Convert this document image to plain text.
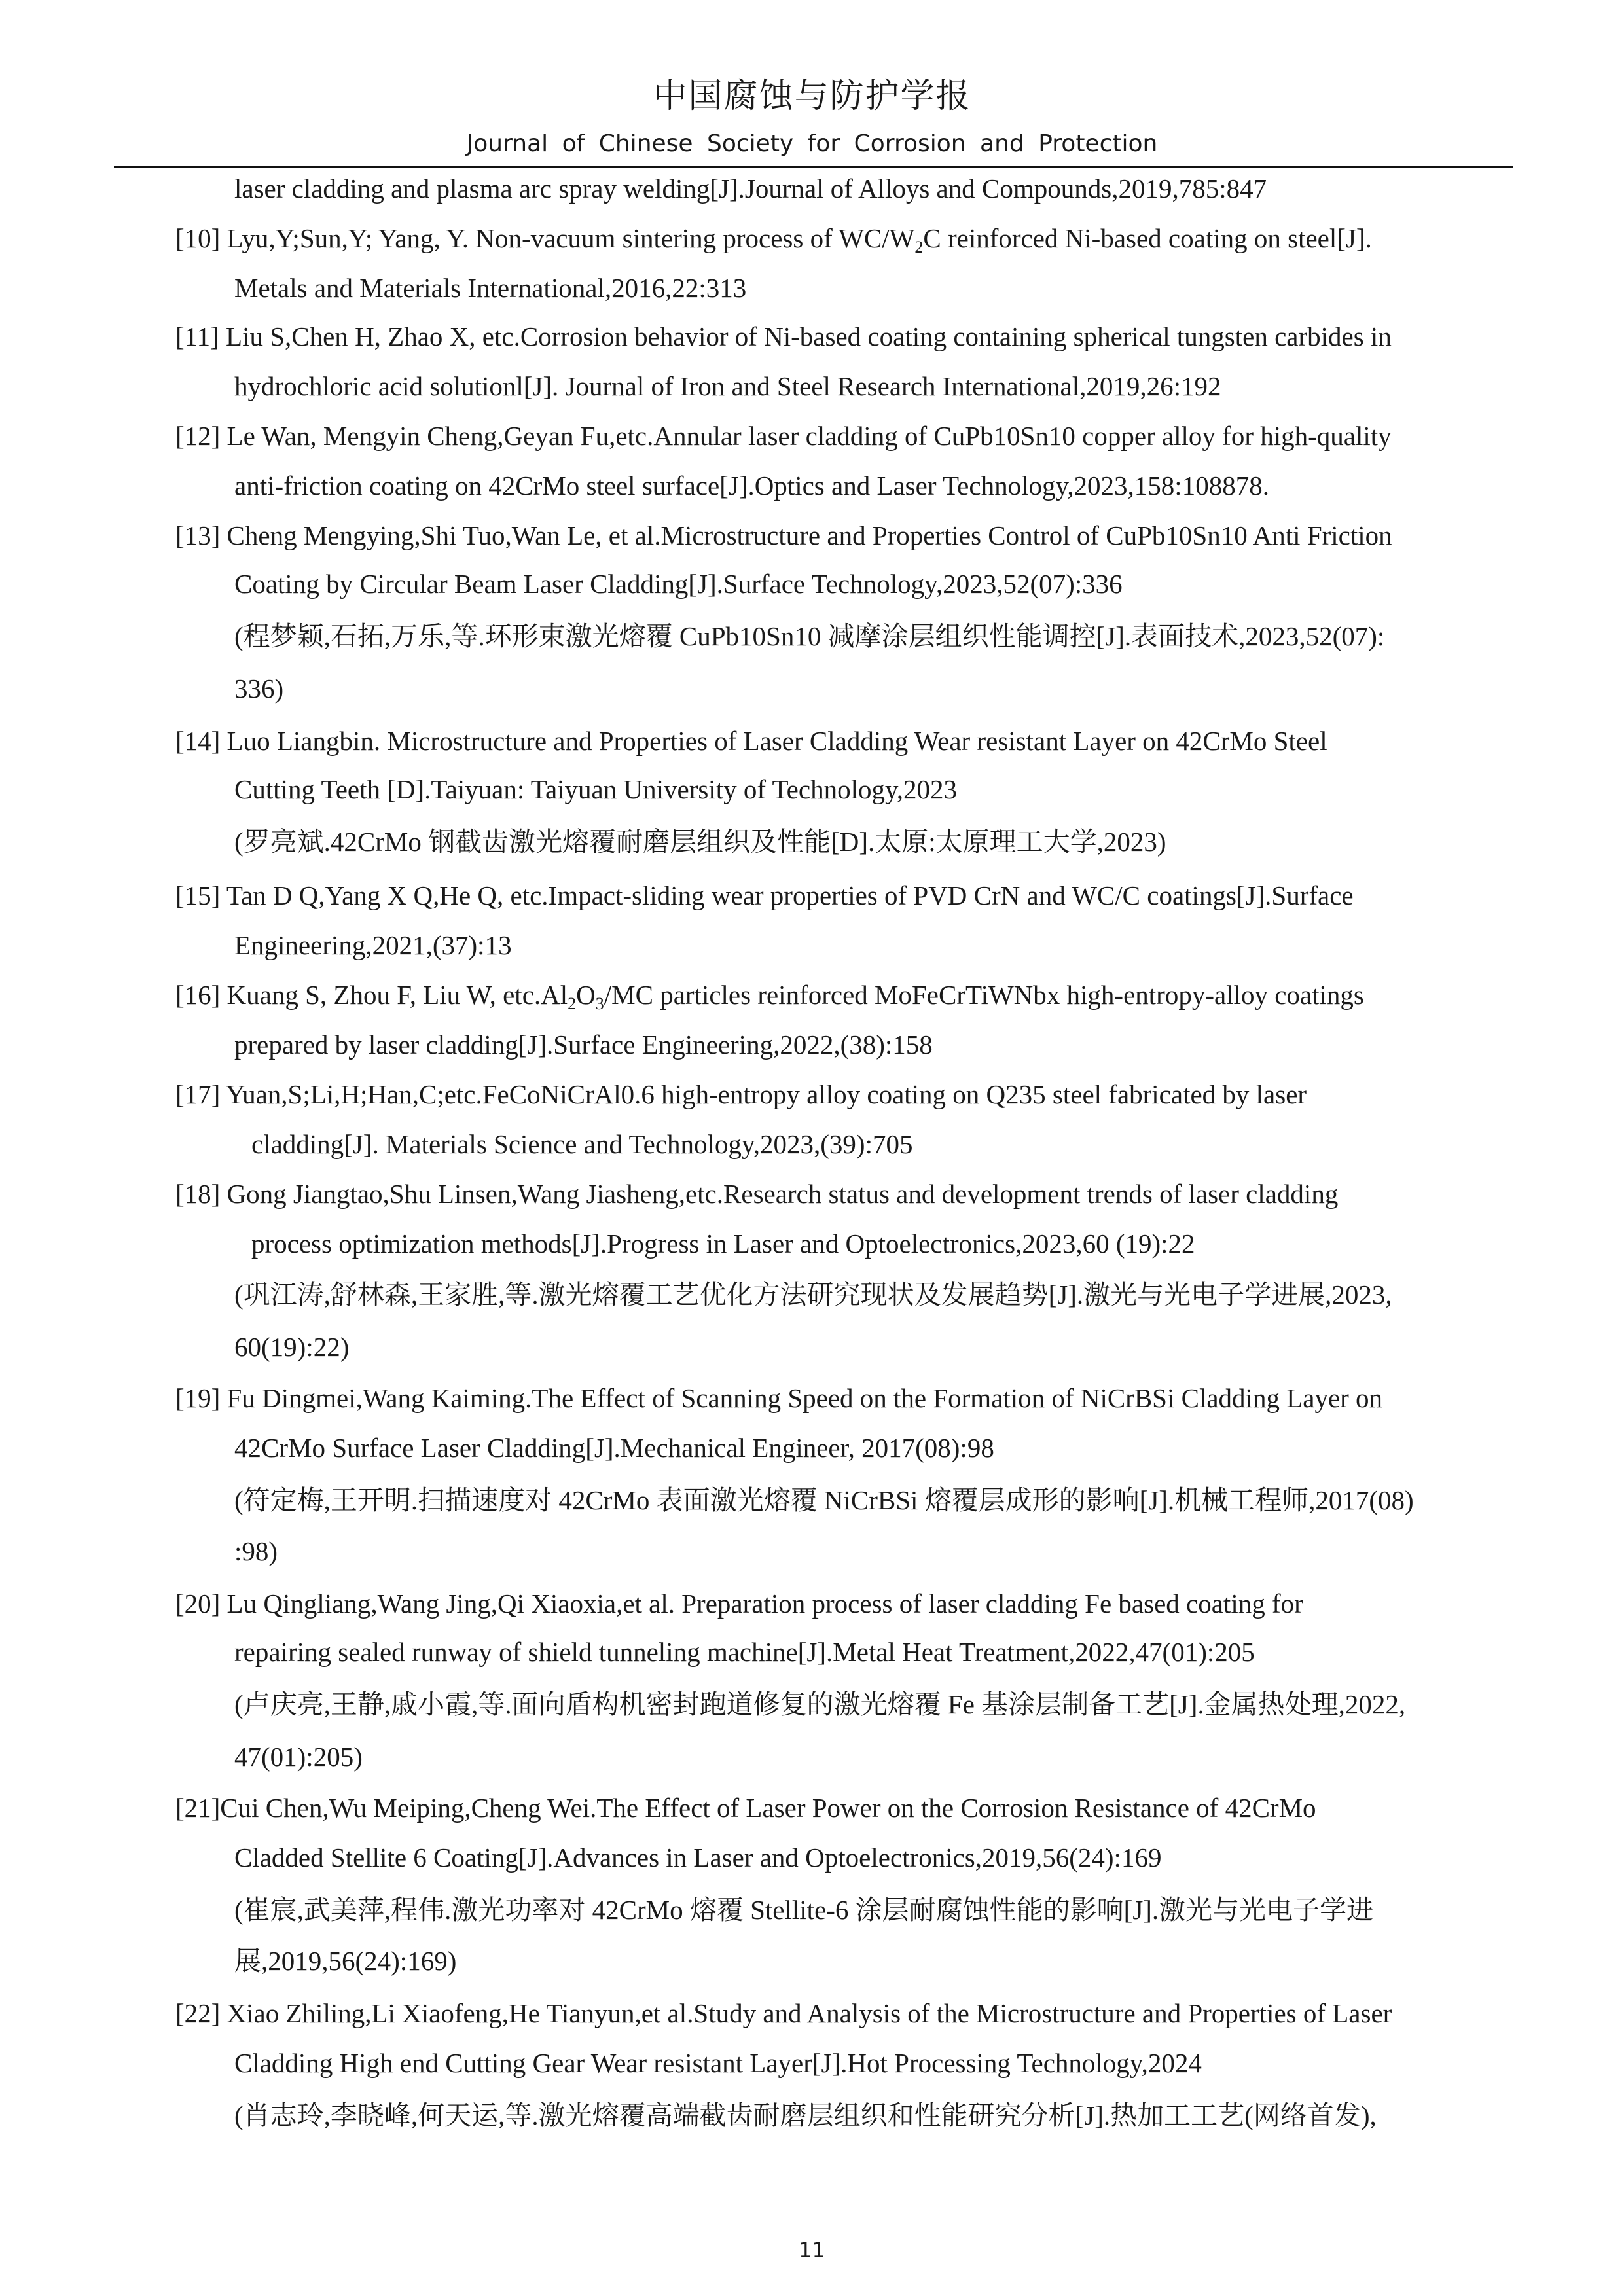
中国腐蚀与防护学报
Journal of Chinese Society for Corrosion and Protection
laser cladding and plasma arc spray welding[J].Journal of Alloys and Compounds,2019,785:847
[10] Lyu,Y;Sun,Y; Yang, Y. Non-vacuum sintering process of $WC/W_2C$ reinforced Ni-based coating on steel[J].
Metals and Materials International,2016,22:313
[11] Liu S,Chen H, Zhao X, etc.Corrosion behavior of Ni-based coating containing spherical tungsten carbides in
hydrochloric acid solutionl[J]. Journal of Iron and Steel Research International,2019,26:192
[12] Le Wan, Mengyin Cheng,Geyan Fu,etc.Annular laser cladding of CuPb10Sn10 copper alloy for high-quality
anti-friction coating on 42CrMo steel surface[J].Optics and Laser Technology,2023,158:108878.
[13] Cheng Mengying,Shi Tuo,Wan Le, et al.Microstructure and Properties Control of CuPb10Sn10 Anti Friction
Coating by Circular Beam Laser Cladding[J].Surface Technology,2023,52(07):336
(程梦颖,石拓,万乐,等.环形束激光熔覆 CuPb10Sn10 减摩涂层组织性能调控[J].表面技术,2023,52(07):
336)
[14] Luo Liangbin. Microstructure and Properties of Laser Cladding Wear resistant Layer on 42CrMo Steel
Cutting Teeth [D].Taiyuan: Taiyuan University of Technology,2023
(罗亮斌.42CrMo 钢截齿激光熔覆耐磨层组织及性能[D].太原:太原理工大学,2023)
[15] Tan D Q,Yang X Q,He Q, etc.Impact-sliding wear properties of PVD CrN and WC/C coatings[J].Surface
Engineering,2021,(37):13
[16] Kuang S, Zhou F, Liu W, $etc.Al_2O_3/MC$ particles reinforced MoFeCrTiWNbx high-entropy-alloy coatings
prepared by laser cladding[J].Surface Engineering,2022,(38):158
[17] Yuan,S;Li,H;Han,C;etc.FeCoNiCrAl0.6 high-entropy alloy coating on Q235 steel fabricated by laser
cladding[J]. Materials Science and Technology,2023,(39):705
[18] Gong Jiangtao,Shu Linsen,Wang Jiasheng,etc.Research status and development trends of laser cladding
process optimization methods[J].Progress in Laser and Optoelectronics,2023,60 (19):22
(巩江涛,舒林森,王家胜,等.激光熔覆工艺优化方法研究现状及发展趋势[J].激光与光电子学进展,2023,
60(19):22)
[19] Fu Dingmei,Wang Kaiming.The Effect of Scanning Speed on the Formation of NiCrBSi Cladding Layer on
42CrMo Surface Laser Cladding[J].Mechanical Engineer, 2017(08):98
(符定梅,王开明.扫描速度对 42CrMo 表面激光熔覆 NiCrBSi 熔覆层成形的影响[J].机械工程师,2017(08)
:98)
[20] Lu Qingliang,Wang Jing,Qi Xiaoxia,et al. Preparation process of laser cladding Fe based coating for
repairing sealed runway of shield tunneling machine[J].Metal Heat Treatment,2022,47(01):205
(卢庆亮,王静,戚小霞,等.面向盾构机密封跑道修复的激光熔覆 Fe 基涂层制备工艺[J].金属热处理,2022,
47(01):205)
[21]Cui Chen,Wu Meiping,Cheng Wei.The Effect of Laser Power on the Corrosion Resistance of 42CrMo
Cladded Stellite 6 Coating[J].Advances in Laser and Optoelectronics,2019,56(24):169
(崔宸,武美萍,程伟.激光功率对 42CrMo 熔覆 Stellite-6 涂层耐腐蚀性能的影响[J].激光与光电子学进
展,2019,56(24):169)
[22] Xiao Zhiling,Li Xiaofeng,He Tianyun,et al.Study and Analysis of the Microstructure and Properties of Laser
Cladding High end Cutting Gear Wear resistant Layer[J].Hot Processing Technology,2024
(肖志玲,李晓峰,何天运,等.激光熔覆高端截齿耐磨层组织和性能研究分析[J].热加工工艺(网络首发),
11
